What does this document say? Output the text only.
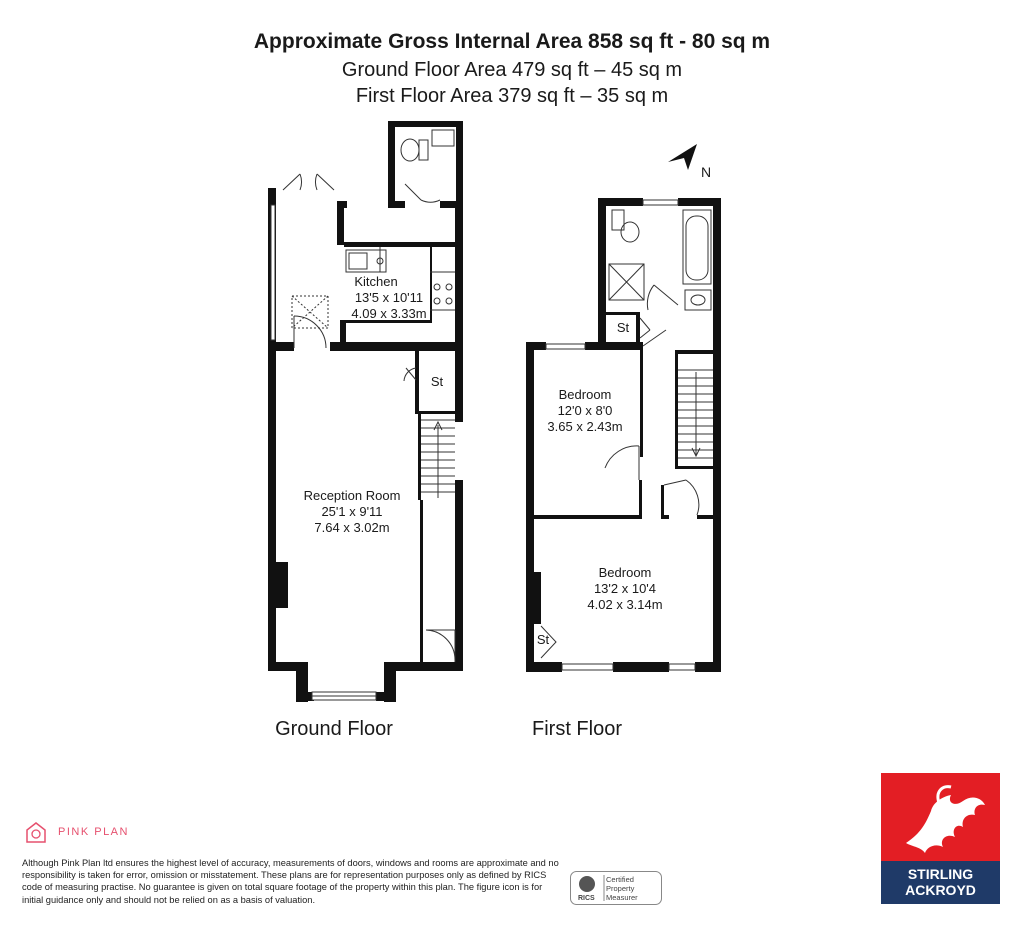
Approximate Gross Internal Area 858 sq ft - 80 sq m
Ground Floor Area 479 sq ft – 45 sq m
First Floor Area 379 sq ft – 35 sq m
N
Kitchen
13'5 x 10'11
4.09 x 3.33m
Reception Room
25'1 x 9'11
7.64 x 3.02m
St
Ground Floor
Bedroom
12'0 x 8'0
3.65 x 2.43m
Bedroom
13'2 x 10'4
4.02 x 3.14m
St
St
First Floor
PINK PLAN
Although Pink Plan ltd ensures the highest level of accuracy, measurements of doors, windows and rooms are approximate and no responsibility is taken for error, omission or misstatement. These plans are for representation purposes only as defined by RICS code of measuring practise. No guarantee is given on total square footage of the property within this plan. The figure icon is for initial guidance only and should not be relied on as a basis of valuation.	RICS
Certified
Property
Measurer
STIRLING
ACKROYD
